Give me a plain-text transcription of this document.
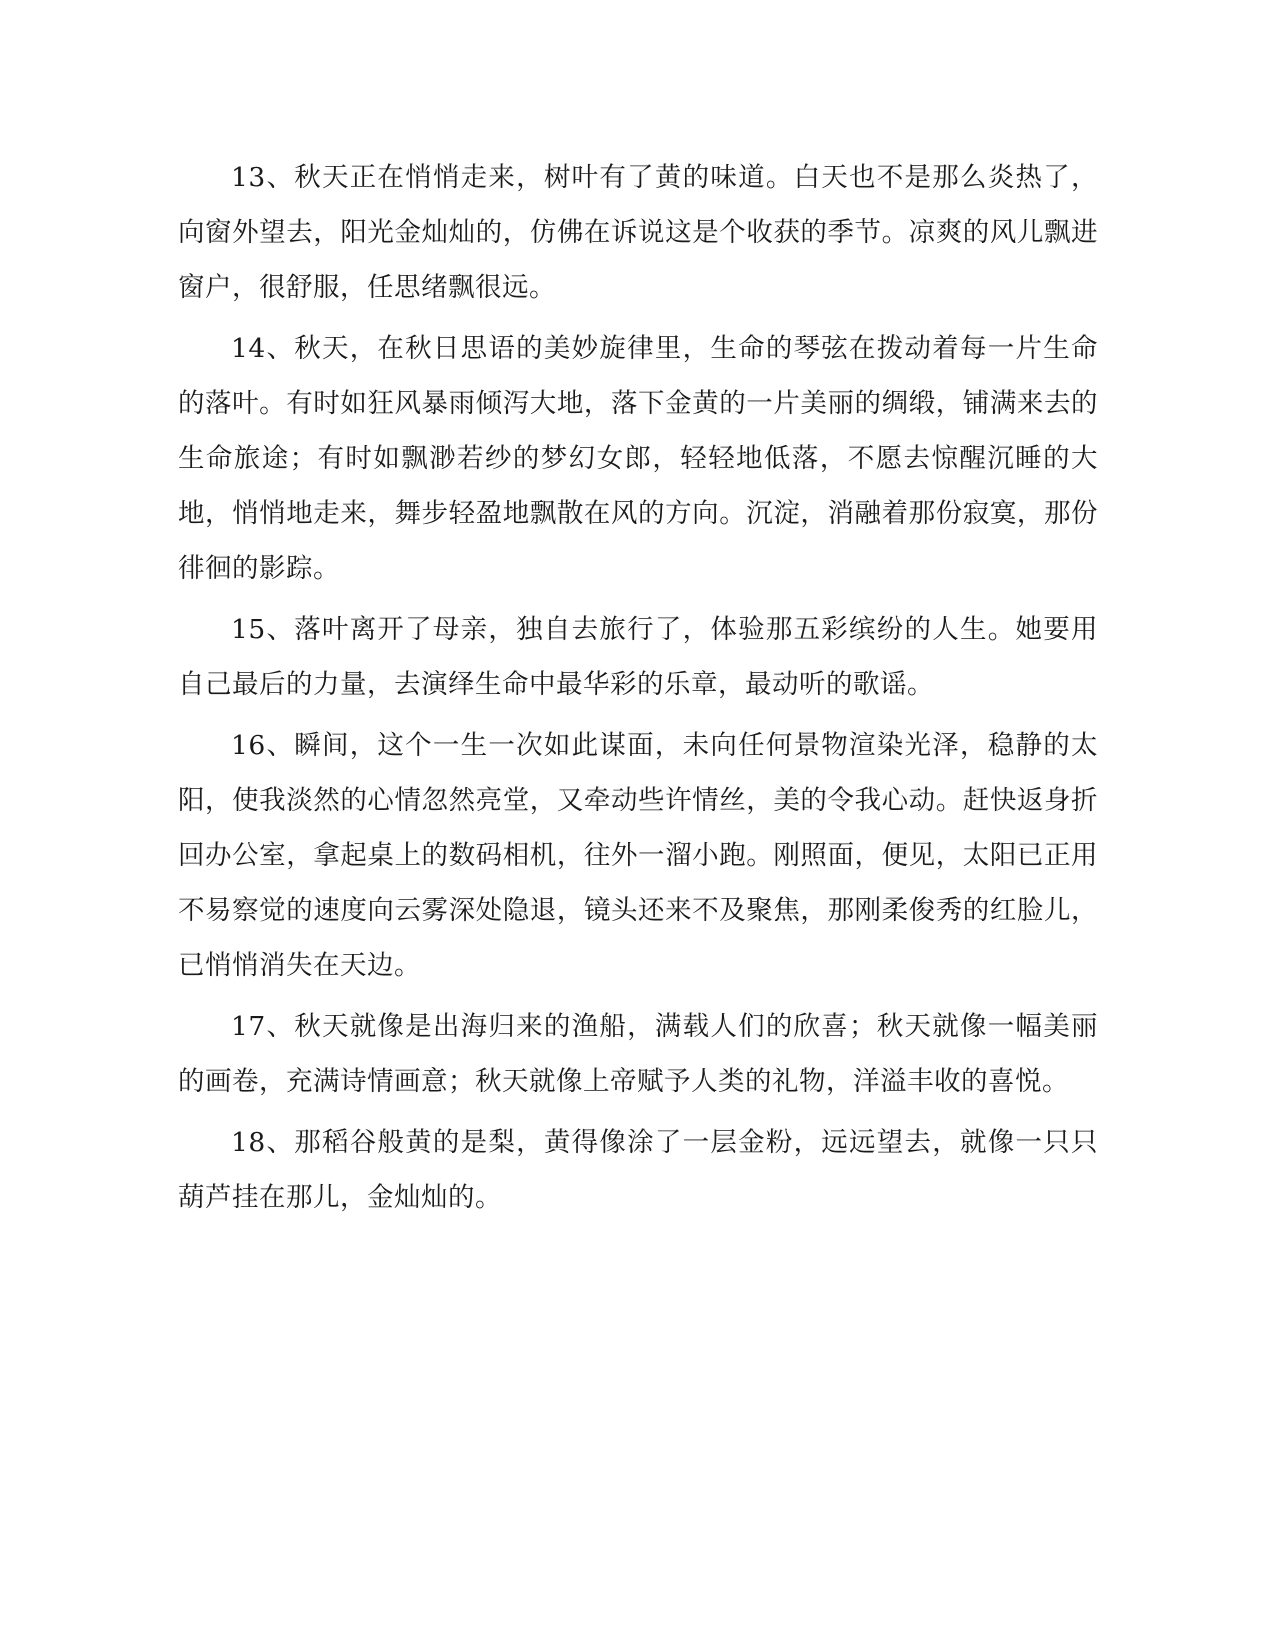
13、秋天正在悄悄走来，树叶有了黄的味道。白天也不是那么炎热了，向窗外望去，阳光金灿灿的，仿佛在诉说这是个收获的季节。凉爽的风儿飘进窗户，很舒服，任思绪飘很远。

14、秋天，在秋日思语的美妙旋律里，生命的琴弦在拨动着每一片生命的落叶。有时如狂风暴雨倾泻大地，落下金黄的一片美丽的绸缎，铺满来去的生命旅途；有时如飘渺若纱的梦幻女郎，轻轻地低落，不愿去惊醒沉睡的大地，悄悄地走来，舞步轻盈地飘散在风的方向。沉淀，消融着那份寂寞，那份徘徊的影踪。

15、落叶离开了母亲，独自去旅行了，体验那五彩缤纷的人生。她要用自己最后的力量，去演绎生命中最华彩的乐章，最动听的歌谣。

16、瞬间，这个一生一次如此谋面，未向任何景物渲染光泽，稳静的太阳，使我淡然的心情忽然亮堂，又牵动些许情丝，美的令我心动。赶快返身折回办公室，拿起桌上的数码相机，往外一溜小跑。刚照面，便见，太阳已正用不易察觉的速度向云雾深处隐退，镜头还来不及聚焦，那刚柔俊秀的红脸儿，已悄悄消失在天边。

17、秋天就像是出海归来的渔船，满载人们的欣喜；秋天就像一幅美丽的画卷，充满诗情画意；秋天就像上帝赋予人类的礼物，洋溢丰收的喜悦。

18、那稻谷般黄的是梨，黄得像涂了一层金粉，远远望去，就像一只只葫芦挂在那儿，金灿灿的。
